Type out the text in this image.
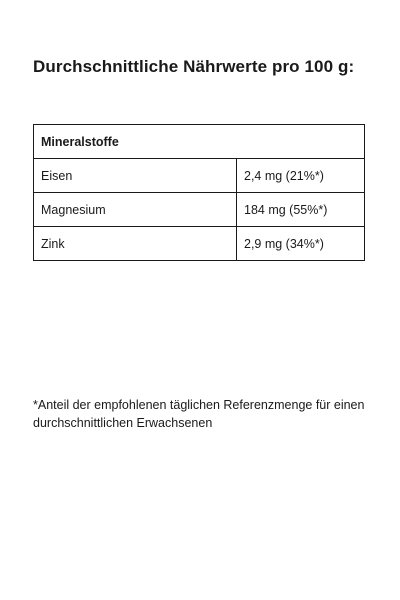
Durchschnittliche Nährwerte pro 100 g:
Mineralstoffe	
Eisen	2,4 mg (21%*)
Magnesium	184 mg (55%*)
Zink	2,9 mg (34%*)

*Anteil der empfohlenen täglichen Referenzmenge für einen durchschnittlichen Erwachsenen
